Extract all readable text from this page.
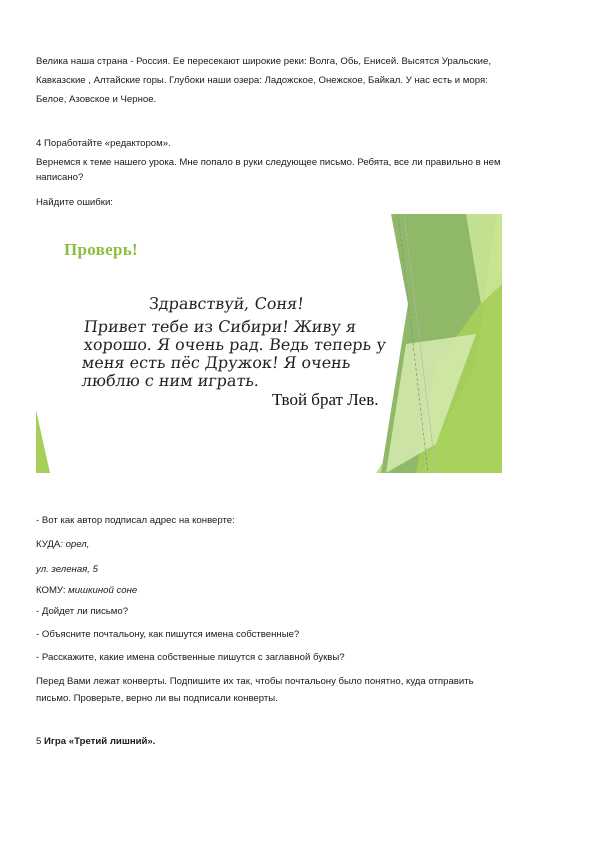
Велика наша страна - Россия. Ее пересекают широкие реки: Волга, Обь, Енисей. Высятся Уральские,

Кавказские , Алтайские горы. Глубоки наши озера: Ладожское, Онежское, Байкал. У нас есть и моря:

Белое, Азовское и Черное.

4 Поработайте «редактором».

Вернемся к теме нашего урока. Мне попало в руки следующее письмо. Ребята, все ли правильно в нем

написано?

Найдите ошибки:

Проверь!
Здравствуй, Соня!
Привет тебе из Сибири! Живу я
хорошо. Я очень рад. Ведь теперь у
меня есть пёс Дружок! Я очень
люблю с ним играть.
Твой брат Лев.

- Вот как автор подписал адрес на конверте:

КУДА: орел,

ул. зеленая, 5

КОМУ: мишкиной соне

- Дойдет ли письмо?

- Объясните почтальону, как пишутся имена собственные?

- Расскажите, какие имена собственные пишутся с заглавной буквы?

Перед Вами лежат конверты. Подпишите их так, чтобы почтальону было понятно, куда отправить

письмо. Проверьте, верно ли вы подписали конверты.

5 Игра «Третий лишний».
